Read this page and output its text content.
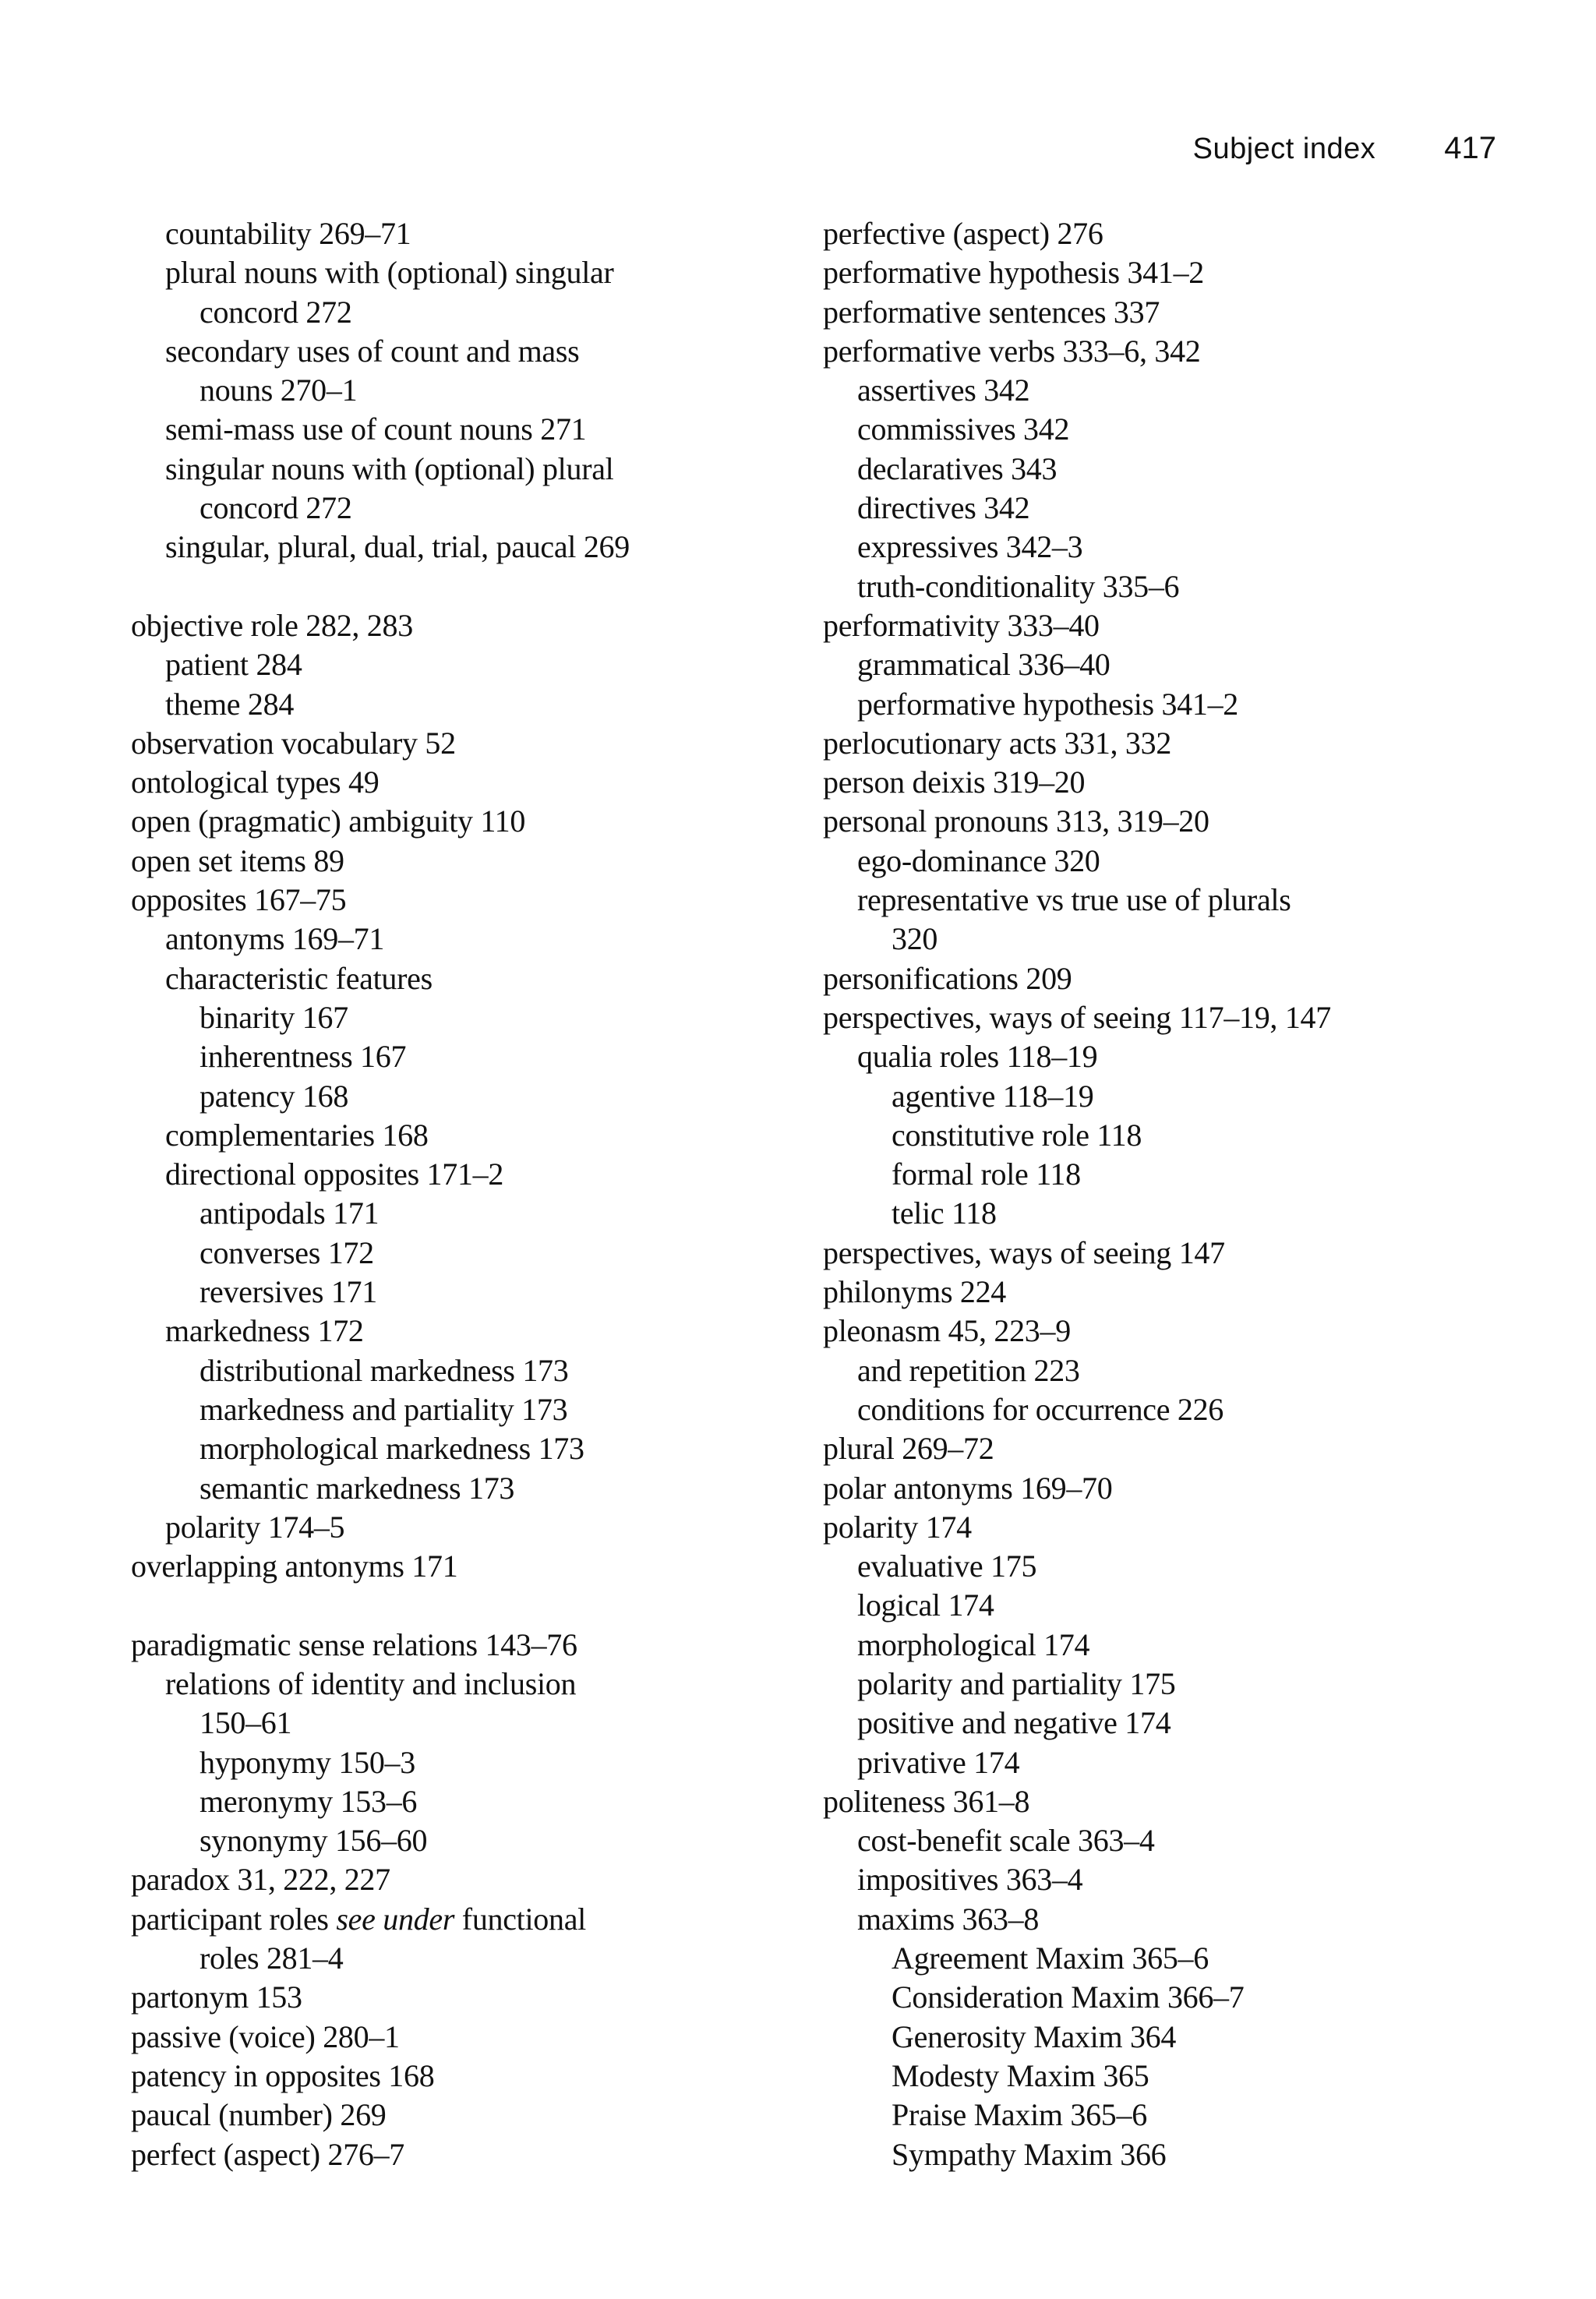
Subject index 417
countability 269–71
plural nouns with (optional) singular
concord 272
secondary uses of count and mass
nouns 270–1
semi-mass use of count nouns 271
singular nouns with (optional) plural
concord 272
singular, plural, dual, trial, paucal 269
objective role 282, 283
patient 284
theme 284
observation vocabulary 52
ontological types 49
open (pragmatic) ambiguity 110
open set items 89
opposites 167–75
antonyms 169–71
characteristic features
binarity 167
inherentness 167
patency 168
complementaries 168
directional opposites 171–2
antipodals 171
converses 172
reversives 171
markedness 172
distributional markedness 173
markedness and partiality 173
morphological markedness 173
semantic markedness 173
polarity 174–5
overlapping antonyms 171
paradigmatic sense relations 143–76
relations of identity and inclusion
150–61
hyponymy 150–3
meronymy 153–6
synonymy 156–60
paradox 31, 222, 227
participant roles see under functional
roles 281–4
partonym 153
passive (voice) 280–1
patency in opposites 168
paucal (number) 269
perfect (aspect) 276–7
perfective (aspect) 276
performative hypothesis 341–2
performative sentences 337
performative verbs 333–6, 342
assertives 342
commissives 342
declaratives 343
directives 342
expressives 342–3
truth-conditionality 335–6
performativity 333–40
grammatical 336–40
performative hypothesis 341–2
perlocutionary acts 331, 332
person deixis 319–20
personal pronouns 313, 319–20
ego-dominance 320
representative vs true use of plurals
320
personifications 209
perspectives, ways of seeing 117–19, 147
qualia roles 118–19
agentive 118–19
constitutive role 118
formal role 118
telic 118
perspectives, ways of seeing 147
philonyms 224
pleonasm 45, 223–9
and repetition 223
conditions for occurrence 226
plural 269–72
polar antonyms 169–70
polarity 174
evaluative 175
logical 174
morphological 174
polarity and partiality 175
positive and negative 174
privative 174
politeness 361–8
cost-benefit scale 363–4
impositives 363–4
maxims 363–8
Agreement Maxim 365–6
Consideration Maxim 366–7
Generosity Maxim 364
Modesty Maxim 365
Praise Maxim 365–6
Sympathy Maxim 366
